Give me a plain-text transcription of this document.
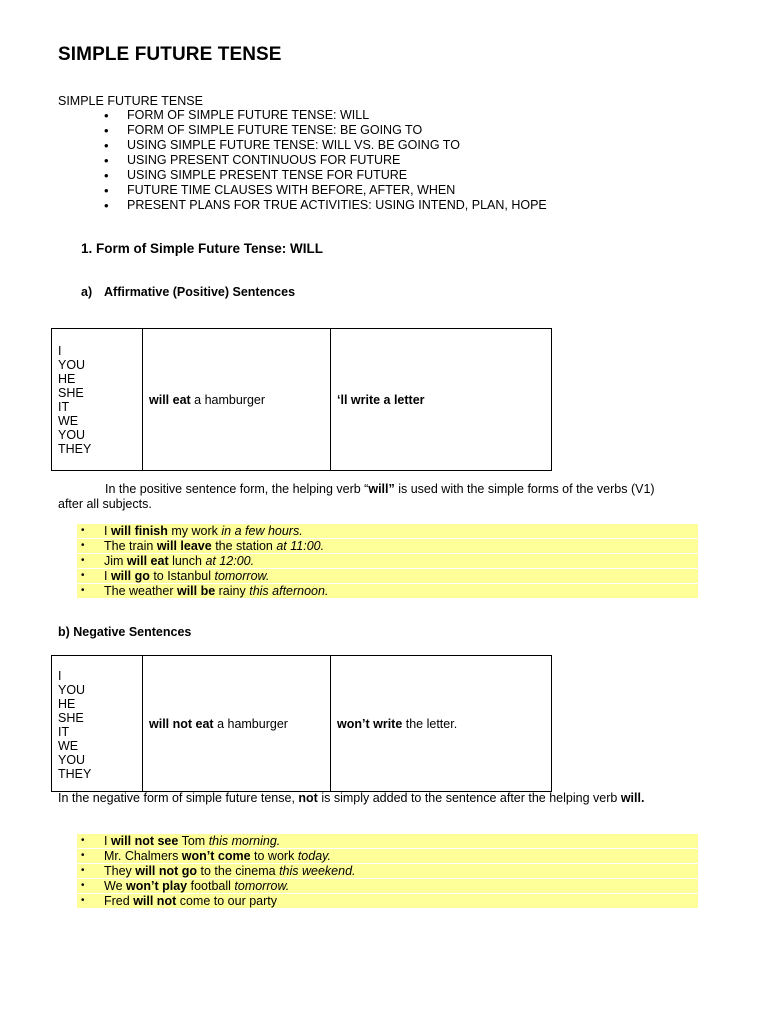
SIMPLE FUTURE TENSE
SIMPLE FUTURE TENSE
• FORM OF SIMPLE FUTURE TENSE: WILL
• FORM OF SIMPLE FUTURE TENSE: BE GOING TO
• USING SIMPLE FUTURE TENSE: WILL VS. BE GOING TO
• USING PRESENT CONTINUOUS FOR FUTURE
• USING SIMPLE PRESENT TENSE FOR FUTURE
• FUTURE TIME CLAUSES WITH BEFORE, AFTER, WHEN
• PRESENT PLANS FOR TRUE ACTIVITIES: USING INTEND, PLAN, HOPE
1. Form of Simple Future Tense: WILL
a) Affirmative (Positive) Sentences
I
YOU
HE
SHE
IT
WE
YOU
THEY
	will eat a hamburger	‘ll write a letter
In the positive sentence form, the helping verb “will” is used with the simple forms of the verbs (V1)
after all subjects.
• I will finish my work in a few hours.
• The train will leave the station at 11:00.
• Jim will eat lunch at 12:00.
• I will go to Istanbul tomorrow.
• The weather will be rainy this afternoon.
b) Negative Sentences
I
YOU
HE
SHE
IT
WE
YOU
THEY
	will not eat a hamburger	won’t write the letter.
In the negative form of simple future tense, not is simply added to the sentence after the helping verb will.
• I will not see Tom this morning.
• Mr. Chalmers won’t come to work today.
• They will not go to the cinema this weekend.
• We won’t play football tomorrow.
• Fred will not come to our party
